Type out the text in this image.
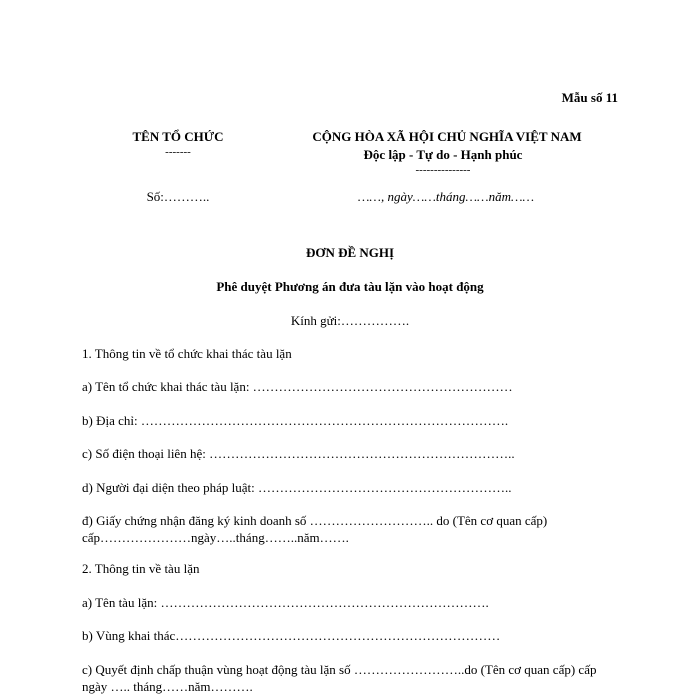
Mẫu số 11
TÊN TỔ CHỨC
-------
CỘNG HÒA XÃ HỘI CHỦ NGHĨA VIỆT NAM
Độc lập - Tự do - Hạnh phúc
---------------
Số:………..	……, ngày……tháng……năm……
ĐƠN ĐỀ NGHỊ
Phê duyệt Phương án đưa tàu lặn vào hoạt động
Kính gửi:…………….
1. Thông tin về tổ chức khai thác tàu lặn
a) Tên tổ chức khai thác tàu lặn: ……………………………………………………
b) Địa chỉ: ………………………………………………………………………….
c) Số điện thoại liên hệ: ……………………………………………………………..
d) Người đại diện theo pháp luật: …………………………………………………..
đ) Giấy chứng nhận đăng ký kinh doanh số ……………………….. do (Tên cơ quan cấp) cấp…………………ngày…..tháng……..năm…….
2. Thông tin về tàu lặn
a) Tên tàu lặn: ………………………………………………………………….
b) Vùng khai thác…………………………………………………………………
c) Quyết định chấp thuận vùng hoạt động tàu lặn số ……………………..do (Tên cơ quan cấp) cấp ngày ….. tháng……năm……….
